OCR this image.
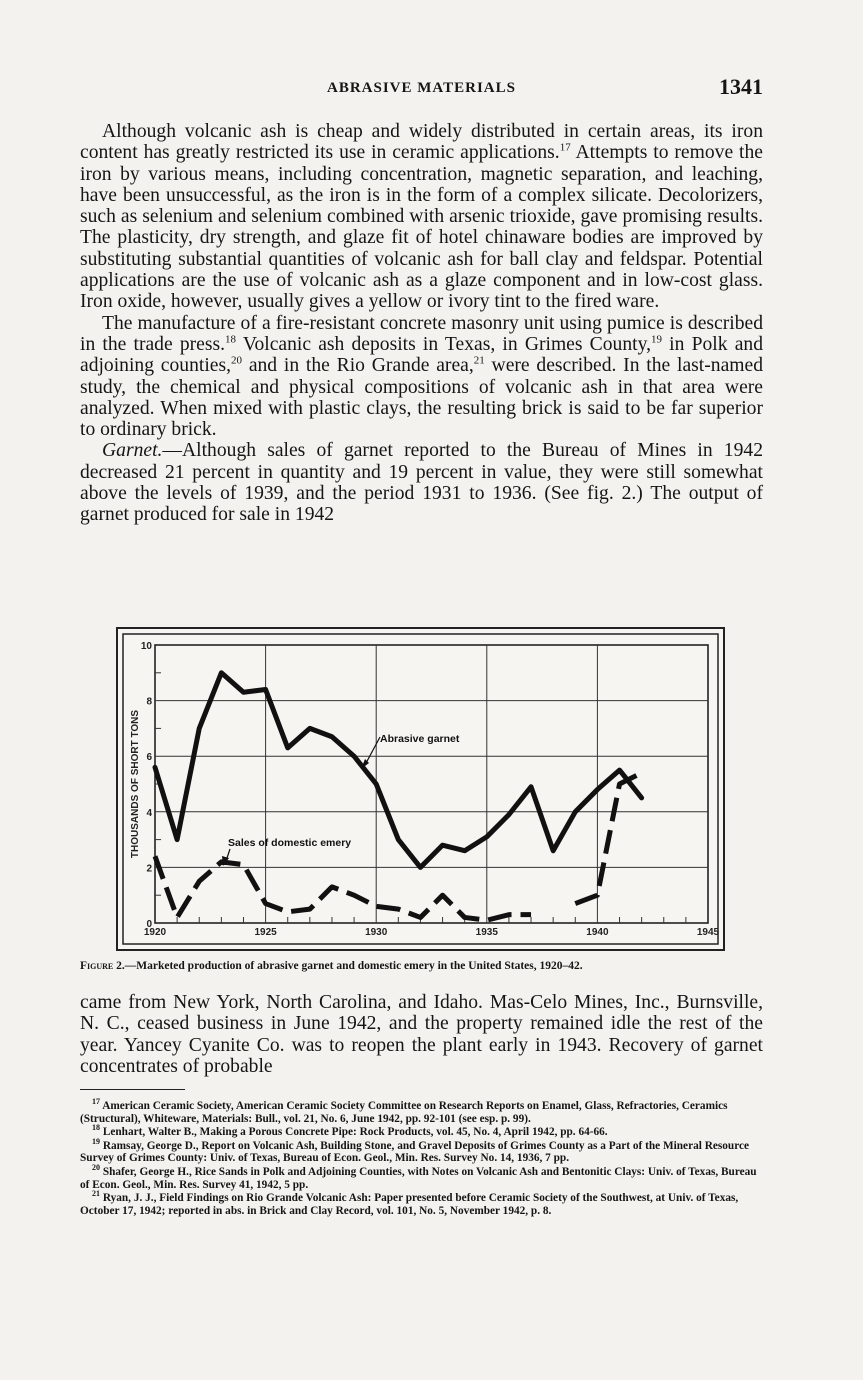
ABRASIVE MATERIALS	1341

Although volcanic ash is cheap and widely distributed in certain areas, its iron content has greatly restricted its use in ceramic applications.$^{17}$ Attempts to remove the iron by various means, including concentration, magnetic separation, and leaching, have been unsuccessful, as the iron is in the form of a complex silicate. Decolorizers, such as selenium and selenium combined with arsenic trioxide, gave promising results. The plasticity, dry strength, and glaze fit of hotel chinaware bodies are improved by substituting substantial quantities of volcanic ash for ball clay and feldspar. Potential applications are the use of volcanic ash as a glaze component and in low-cost glass. Iron oxide, however, usually gives a yellow or ivory tint to the fired ware.

The manufacture of a fire-resistant concrete masonry unit using pumice is described in the trade press.$^{18}$ Volcanic ash deposits in Texas, in Grimes County,$^{19}$ in Polk and adjoining counties,$^{20}$ and in the Rio Grande area,$^{21}$ were described. In the last-named study, the chemical and physical compositions of volcanic ash in that area were analyzed. When mixed with plastic clays, the resulting brick is said to be far superior to ordinary brick.

Garnet.—Although sales of garnet reported to the Bureau of Mines in 1942 decreased 21 percent in quantity and 19 percent in value, they were still somewhat above the levels of 1939, and the period 1931 to 1936. (See fig. 2.) The output of garnet produced for sale in 1942

1920	1925	1930	1935	1940	1945
0
2
4
6
8
10
THOUSANDS OF SHORT TONS	Abrasive garnet
Sales of domestic emery
Figure 2.—Marketed production of abrasive garnet and domestic emery in the United States, 1920–42.

came from New York, North Carolina, and Idaho. Mas-Celo Mines, Inc., Burnsville, N. C., ceased business in June 1942, and the property remained idle the rest of the year. Yancey Cyanite Co. was to reopen the plant early in 1943. Recovery of garnet concentrates of probable

$^{17}$ American Ceramic Society, American Ceramic Society Committee on Research Reports on Enamel, Glass, Refractories, Ceramics (Structural), Whiteware, Materials: Bull., vol. 21, No. 6, June 1942, pp. 92-101 (see esp. p. 99).

$^{18}$ Lenhart, Walter B., Making a Porous Concrete Pipe: Rock Products, vol. 45, No. 4, April 1942, pp. 64-66.

$^{19}$ Ramsay, George D., Report on Volcanic Ash, Building Stone, and Gravel Deposits of Grimes County as a Part of the Mineral Resource Survey of Grimes County: Univ. of Texas, Bureau of Econ. Geol., Min. Res. Survey No. 14, 1936, 7 pp.

$^{20}$ Shafer, George H., Rice Sands in Polk and Adjoining Counties, with Notes on Volcanic Ash and Bentonitic Clays: Univ. of Texas, Bureau of Econ. Geol., Min. Res. Survey 41, 1942, 5 pp.

$^{21}$ Ryan, J. J., Field Findings on Rio Grande Volcanic Ash: Paper presented before Ceramic Society of the Southwest, at Univ. of Texas, October 17, 1942; reported in abs. in Brick and Clay Record, vol. 101, No. 5, November 1942, p. 8.
